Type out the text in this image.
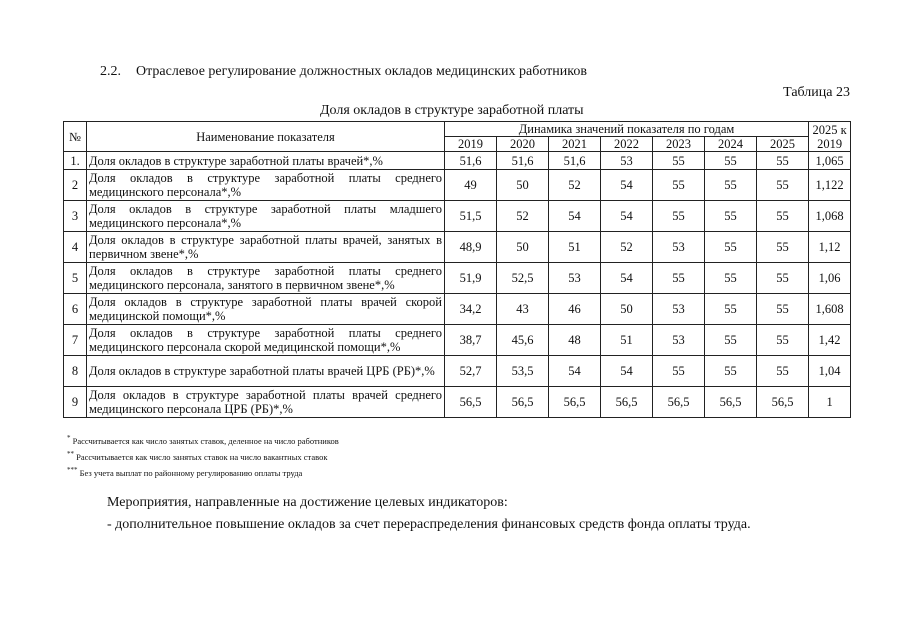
2.2. Отраслевое регулирование должностных окладов медицинских работников
Таблица 23
Доля окладов в структуре заработной платы
№	Наименование показателя	Динамика значений показателя по годам							2025 к 2019
		2019	2020	2021	2022	2023	2024	2025	
1.	Доля окладов в структуре заработной платы врачей*,%	51,6	51,6	51,6	53	55	55	55	1,065
2	Доля окладов в структуре заработной платы среднего медицинского персонала*,%	49	50	52	54	55	55	55	1,122
3	Доля окладов в структуре заработной платы младшего медицинского персонала*,%	51,5	52	54	54	55	55	55	1,068
4	Доля окладов в структуре заработной платы врачей, занятых в первичном звене*,%	48,9	50	51	52	53	55	55	1,12
5	Доля окладов в структуре заработной платы среднего медицинского персонала, занятого в первичном звене*,%	51,9	52,5	53	54	55	55	55	1,06
6	Доля окладов в структуре заработной платы врачей скорой медицинской помощи*,%	34,2	43	46	50	53	55	55	1,608
7	Доля окладов в структуре заработной платы среднего медицинского персонала скорой медицинской помощи*,%	38,7	45,6	48	51	53	55	55	1,42
8	Доля окладов в структуре заработной платы врачей ЦРБ (РБ)*,%	52,7	53,5	54	54	55	55	55	1,04
9	Доля окладов в структуре заработной платы врачей среднего медицинского персонала ЦРБ (РБ)*,%	56,5	56,5	56,5	56,5	56,5	56,5	56,5	1
* Рассчитывается как число занятых ставок, деленное на число работников
** Рассчитывается как число занятых ставок на число вакантных ставок
*** Без учета выплат по районному регулированию оплаты труда
Мероприятия, направленные на достижение целевых индикаторов:
- дополнительное повышение окладов за счет перераспределения финансовых средств фонда оплаты труда.
